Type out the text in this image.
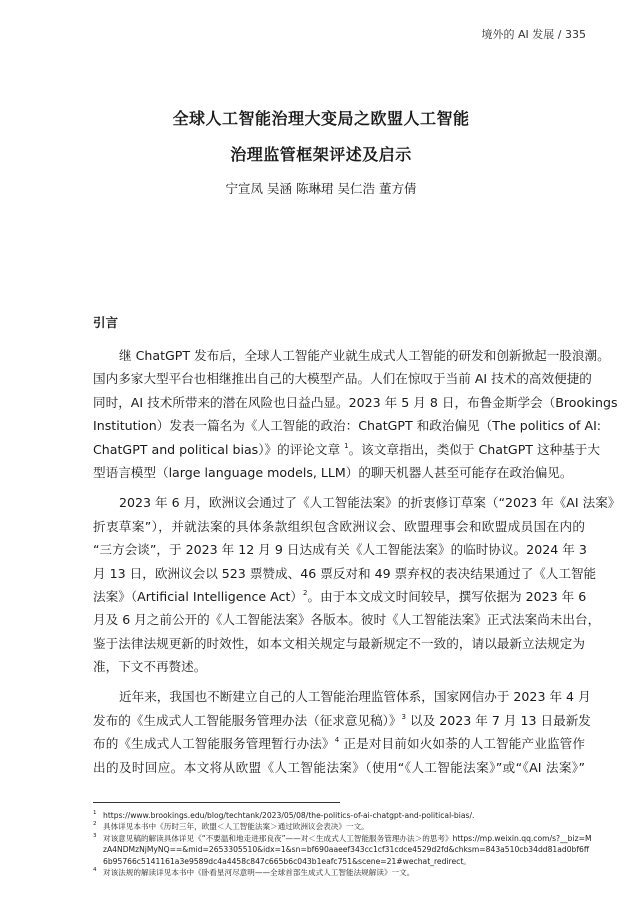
境外的 AI 发展 / 335
全球人工智能治理大变局之欧盟人工智能
治理监管框架评述及启示
宁宣凤 吴涵 陈琳珺 吴仁浩 董方倩
引言
继 ChatGPT 发布后，全球人工智能产业就生成式人工智能的研发和创新掀起一股浪潮。
国内多家大型平台也相继推出自己的大模型产品。人们在惊叹于当前 AI 技术的高效便捷的
同时，AI 技术所带来的潜在风险也日益凸显。2023 年 5 月 8 日，布鲁金斯学会（Brookings
Institution）发表一篇名为《人工智能的政治：ChatGPT 和政治偏见（The politics of AI:
ChatGPT and political bias）》的评论文章 $^1$。该文章指出，类似于 ChatGPT 这种基于大
型语言模型（large language models, LLM）的聊天机器人甚至可能存在政治偏见。
2023 年 6 月，欧洲议会通过了《人工智能法案》的折衷修订草案（“2023 年《AI 法案》
折衷草案”），并就法案的具体条款组织包含欧洲议会、欧盟理事会和欧盟成员国在内的
“三方会谈”，于 2023 年 12 月 9 日达成有关《人工智能法案》的临时协议。2024 年 3
月 13 日，欧洲议会以 523 票赞成、46 票反对和 49 票弃权的表决结果通过了《人工智能
法案》（Artificial Intelligence Act）$^2$。由于本文成文时间较早，撰写依据为 2023 年 6
月及 6 月之前公开的《人工智能法案》各版本。彼时《人工智能法案》正式法案尚未出台，
鉴于法律法规更新的时效性，如本文相关规定与最新规定不一致的，请以最新立法规定为
准，下文不再赘述。
近年来，我国也不断建立自己的人工智能治理监管体系，国家网信办于 2023 年 4 月
发布的《生成式人工智能服务管理办法（征求意见稿）》$^3$ 以及 2023 年 7 月 13 日最新发
布的《生成式人工智能服务管理暂行办法》$^4$ 正是对目前如火如荼的人工智能产业监管作
出的及时回应。本文将从欧盟《人工智能法案》（使用“《人工智能法案》”或“《AI 法案》”
1 https://www.brookings.edu/blog/techtank/2023/05/08/the-politics-of-ai-chatgpt-and-political-bias/.
2 具体详见本书中《历时三年，欧盟＜人工智能法案＞通过欧洲议会表决》一文。
3 对该意见稿的解读具体详见《“不要温和地走进那良夜”——对＜生成式人工智能服务管理办法＞的思考》https://mp.weixin.qq.com/s?__biz=MzA4NDMzNjMyNQ==&mid=2653305510&idx=1&sn=bf690aaeef343cc1cf31cdce4529d2fd&chksm=843a510cb34dd81ad0bf6ff6b95766c5141161a3e9589dc4a4458c847c665b6c043b1eafc751&scene=21#wechat_redirect。
4 对该法规的解读详见本书中《卧看星河尽意明——全球首部生成式人工智能法规解读》一文。
